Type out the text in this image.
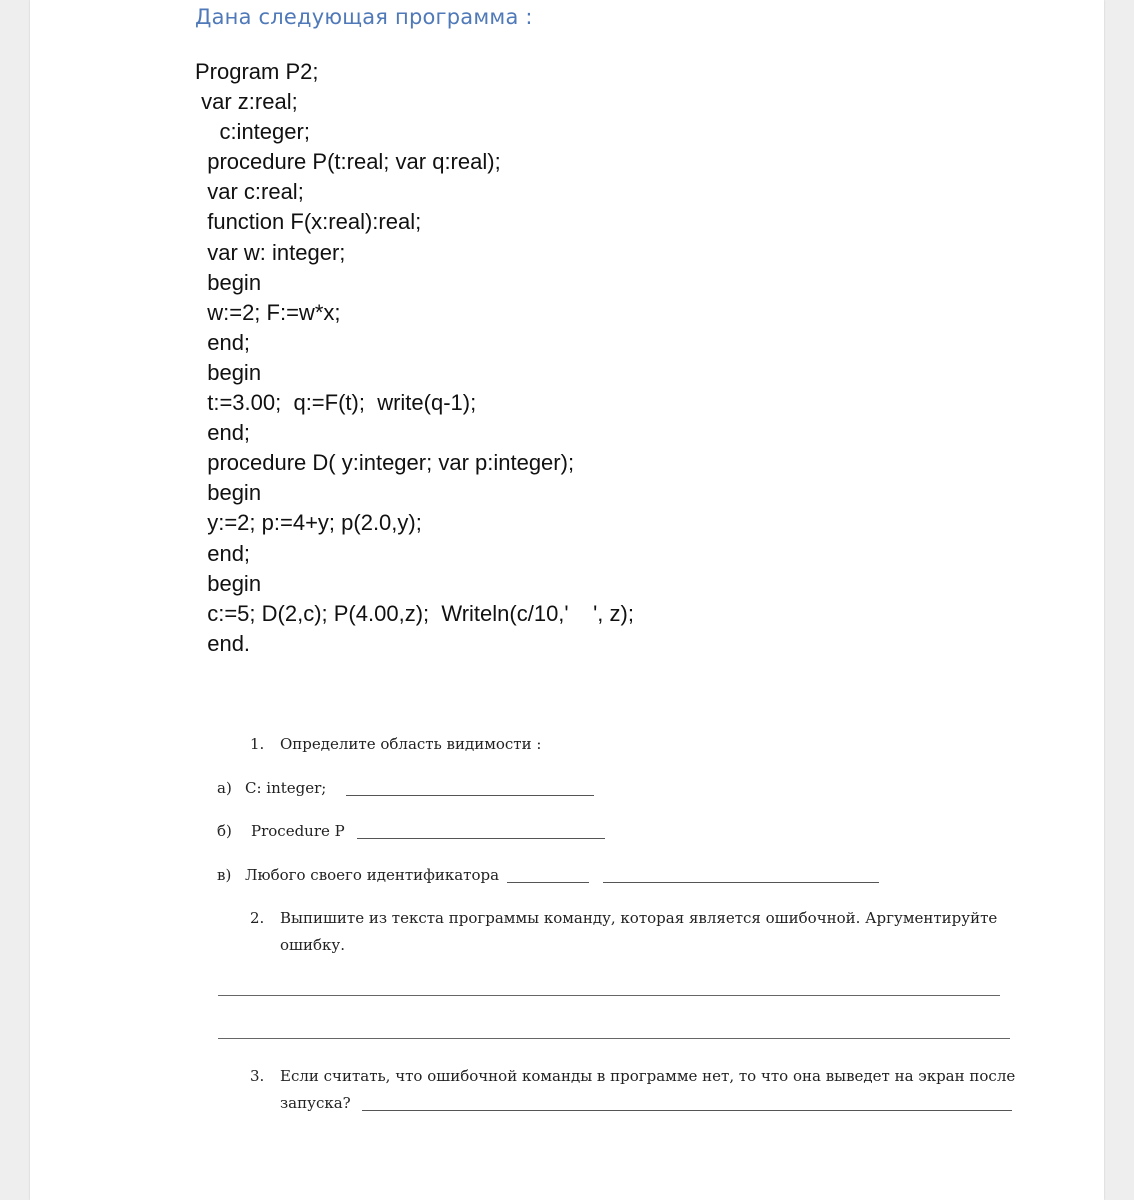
Дана следующая программа :
Program P2;
var z:real;
c:integer;
procedure P(t:real; var q:real);
var c:real;
function F(x:real):real;
var w: integer;
begin
w:=2; F:=w*x;
end;
begin
t:=3.00;  q:=F(t);  write(q-1);
end;
procedure D( y:integer; var p:integer);
begin
y:=2; p:=4+y; p(2.0,y);
end;
begin
c:=5; D(2,c); P(4.00,z);  Writeln(c/10,'    ', z);
end.
1. Определите область видимости :
а) C: integer;
б) Procedure P
в) Любого своего идентификатора
2. Выпишите из текста программы команду, которая является ошибочной. Аргументируйте
ошибку.
3. Если считать, что ошибочной команды в программе нет, то что она выведет на экран после
запуска?
